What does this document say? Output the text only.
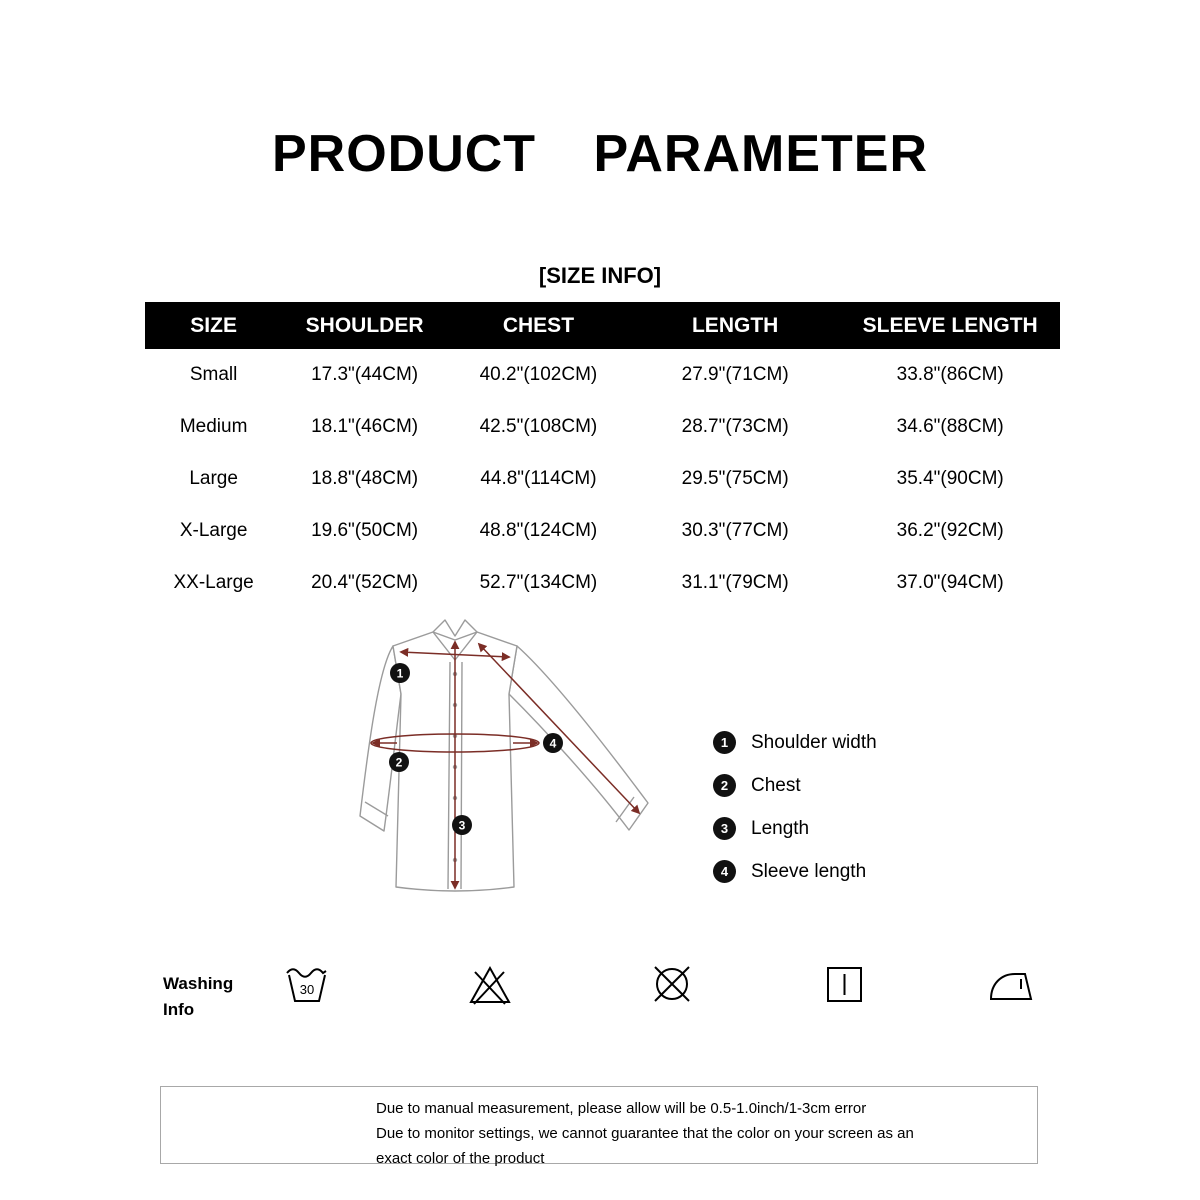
PRODUCT PARAMETER
[SIZE INFO]
SIZE	SHOULDER	CHEST	LENGTH	SLEEVE LENGTH
Small	17.3"(44CM)	40.2"(102CM)	27.9"(71CM)	33.8"(86CM)
Medium	18.1"(46CM)	42.5"(108CM)	28.7"(73CM)	34.6"(88CM)
Large	18.8"(48CM)	44.8"(114CM)	29.5"(75CM)	35.4"(90CM)
X-Large	19.6"(50CM)	48.8"(124CM)	30.3"(77CM)	36.2"(92CM)
XX-Large	20.4"(52CM)	52.7"(134CM)	31.1"(79CM)	37.0"(94CM)
1
2
3
4	1	Shoulder width
2	Chest
3	Length
4	Sleeve length
Washing
Info
30
Due to manual measurement, please allow will be 0.5-1.0inch/1-3cm error
Due to monitor settings, we cannot guarantee that the color on your screen as an exact color of the product
